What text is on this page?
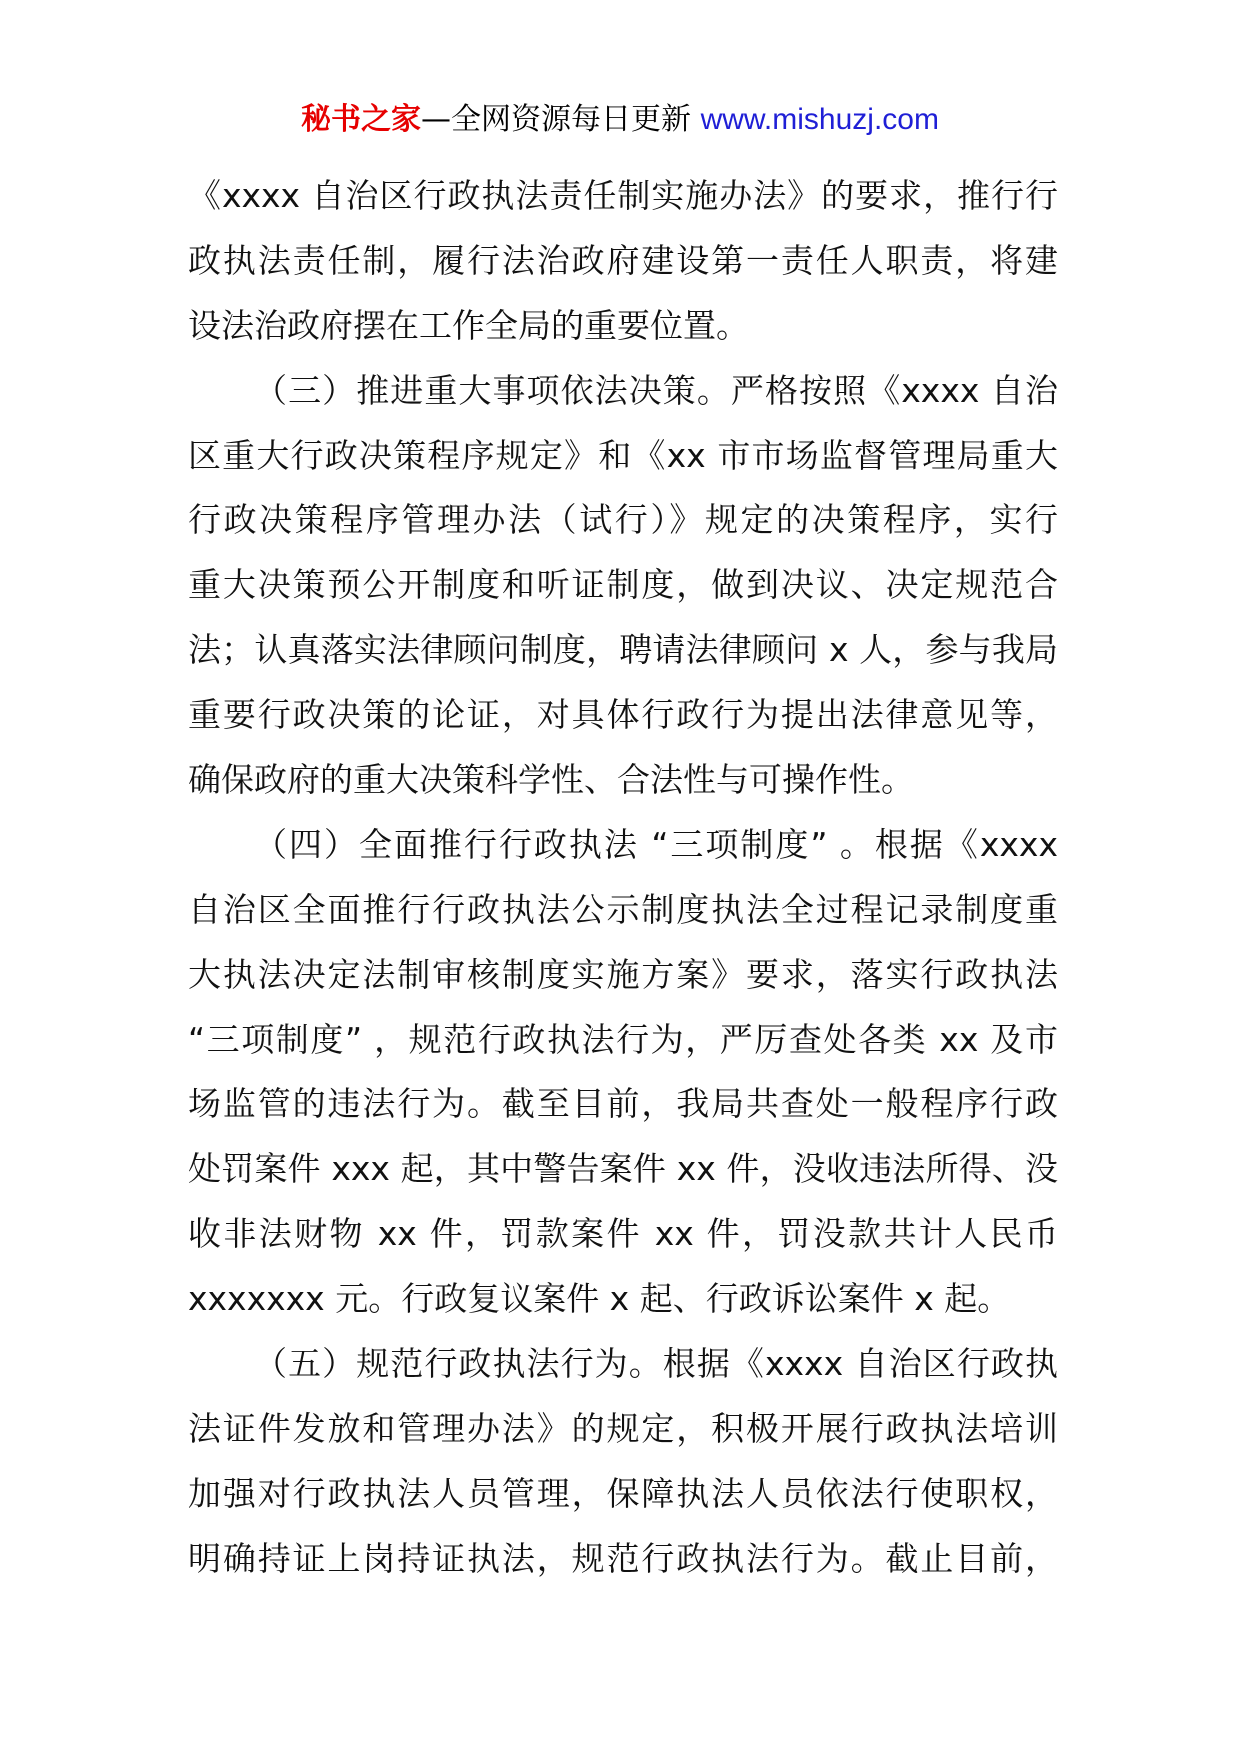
秘书之家—全网资源每日更新 www.mishuzj.com
《xxxx 自治区行政执法责任制实施办法》的要求，推行行
政执法责任制，履行法治政府建设第一责任人职责，将建
设法治政府摆在工作全局的重要位置。
（三）推进重大事项依法决策。严格按照《xxxx 自治
区重大行政决策程序规定》和《xx 市市场监督管理局重大
行政决策程序管理办法（试行）》规定的决策程序，实行
重大决策预公开制度和听证制度，做到决议、决定规范合
法；认真落实法律顾问制度，聘请法律顾问 x 人，参与我局
重要行政决策的论证，对具体行政行为提出法律意见等，
确保政府的重大决策科学性、合法性与可操作性。
（四）全面推行行政执法 “三项制度” 。根据《xxxx
自治区全面推行行政执法公示制度执法全过程记录制度重
大执法决定法制审核制度实施方案》要求，落实行政执法
“三项制度” ，规范行政执法行为，严厉查处各类 xx 及市
场监管的违法行为。截至目前，我局共查处一般程序行政
处罚案件 xxx 起，其中警告案件 xx 件，没收违法所得、没
收非法财物 xx 件，罚款案件 xx 件，罚没款共计人民币
xxxxxxx 元。行政复议案件 x 起、行政诉讼案件 x 起。
（五）规范行政执法行为。根据《xxxx 自治区行政执
法证件发放和管理办法》的规定，积极开展行政执法培训
加强对行政执法人员管理，保障执法人员依法行使职权，
明确持证上岗持证执法，规范行政执法行为。截止目前，
